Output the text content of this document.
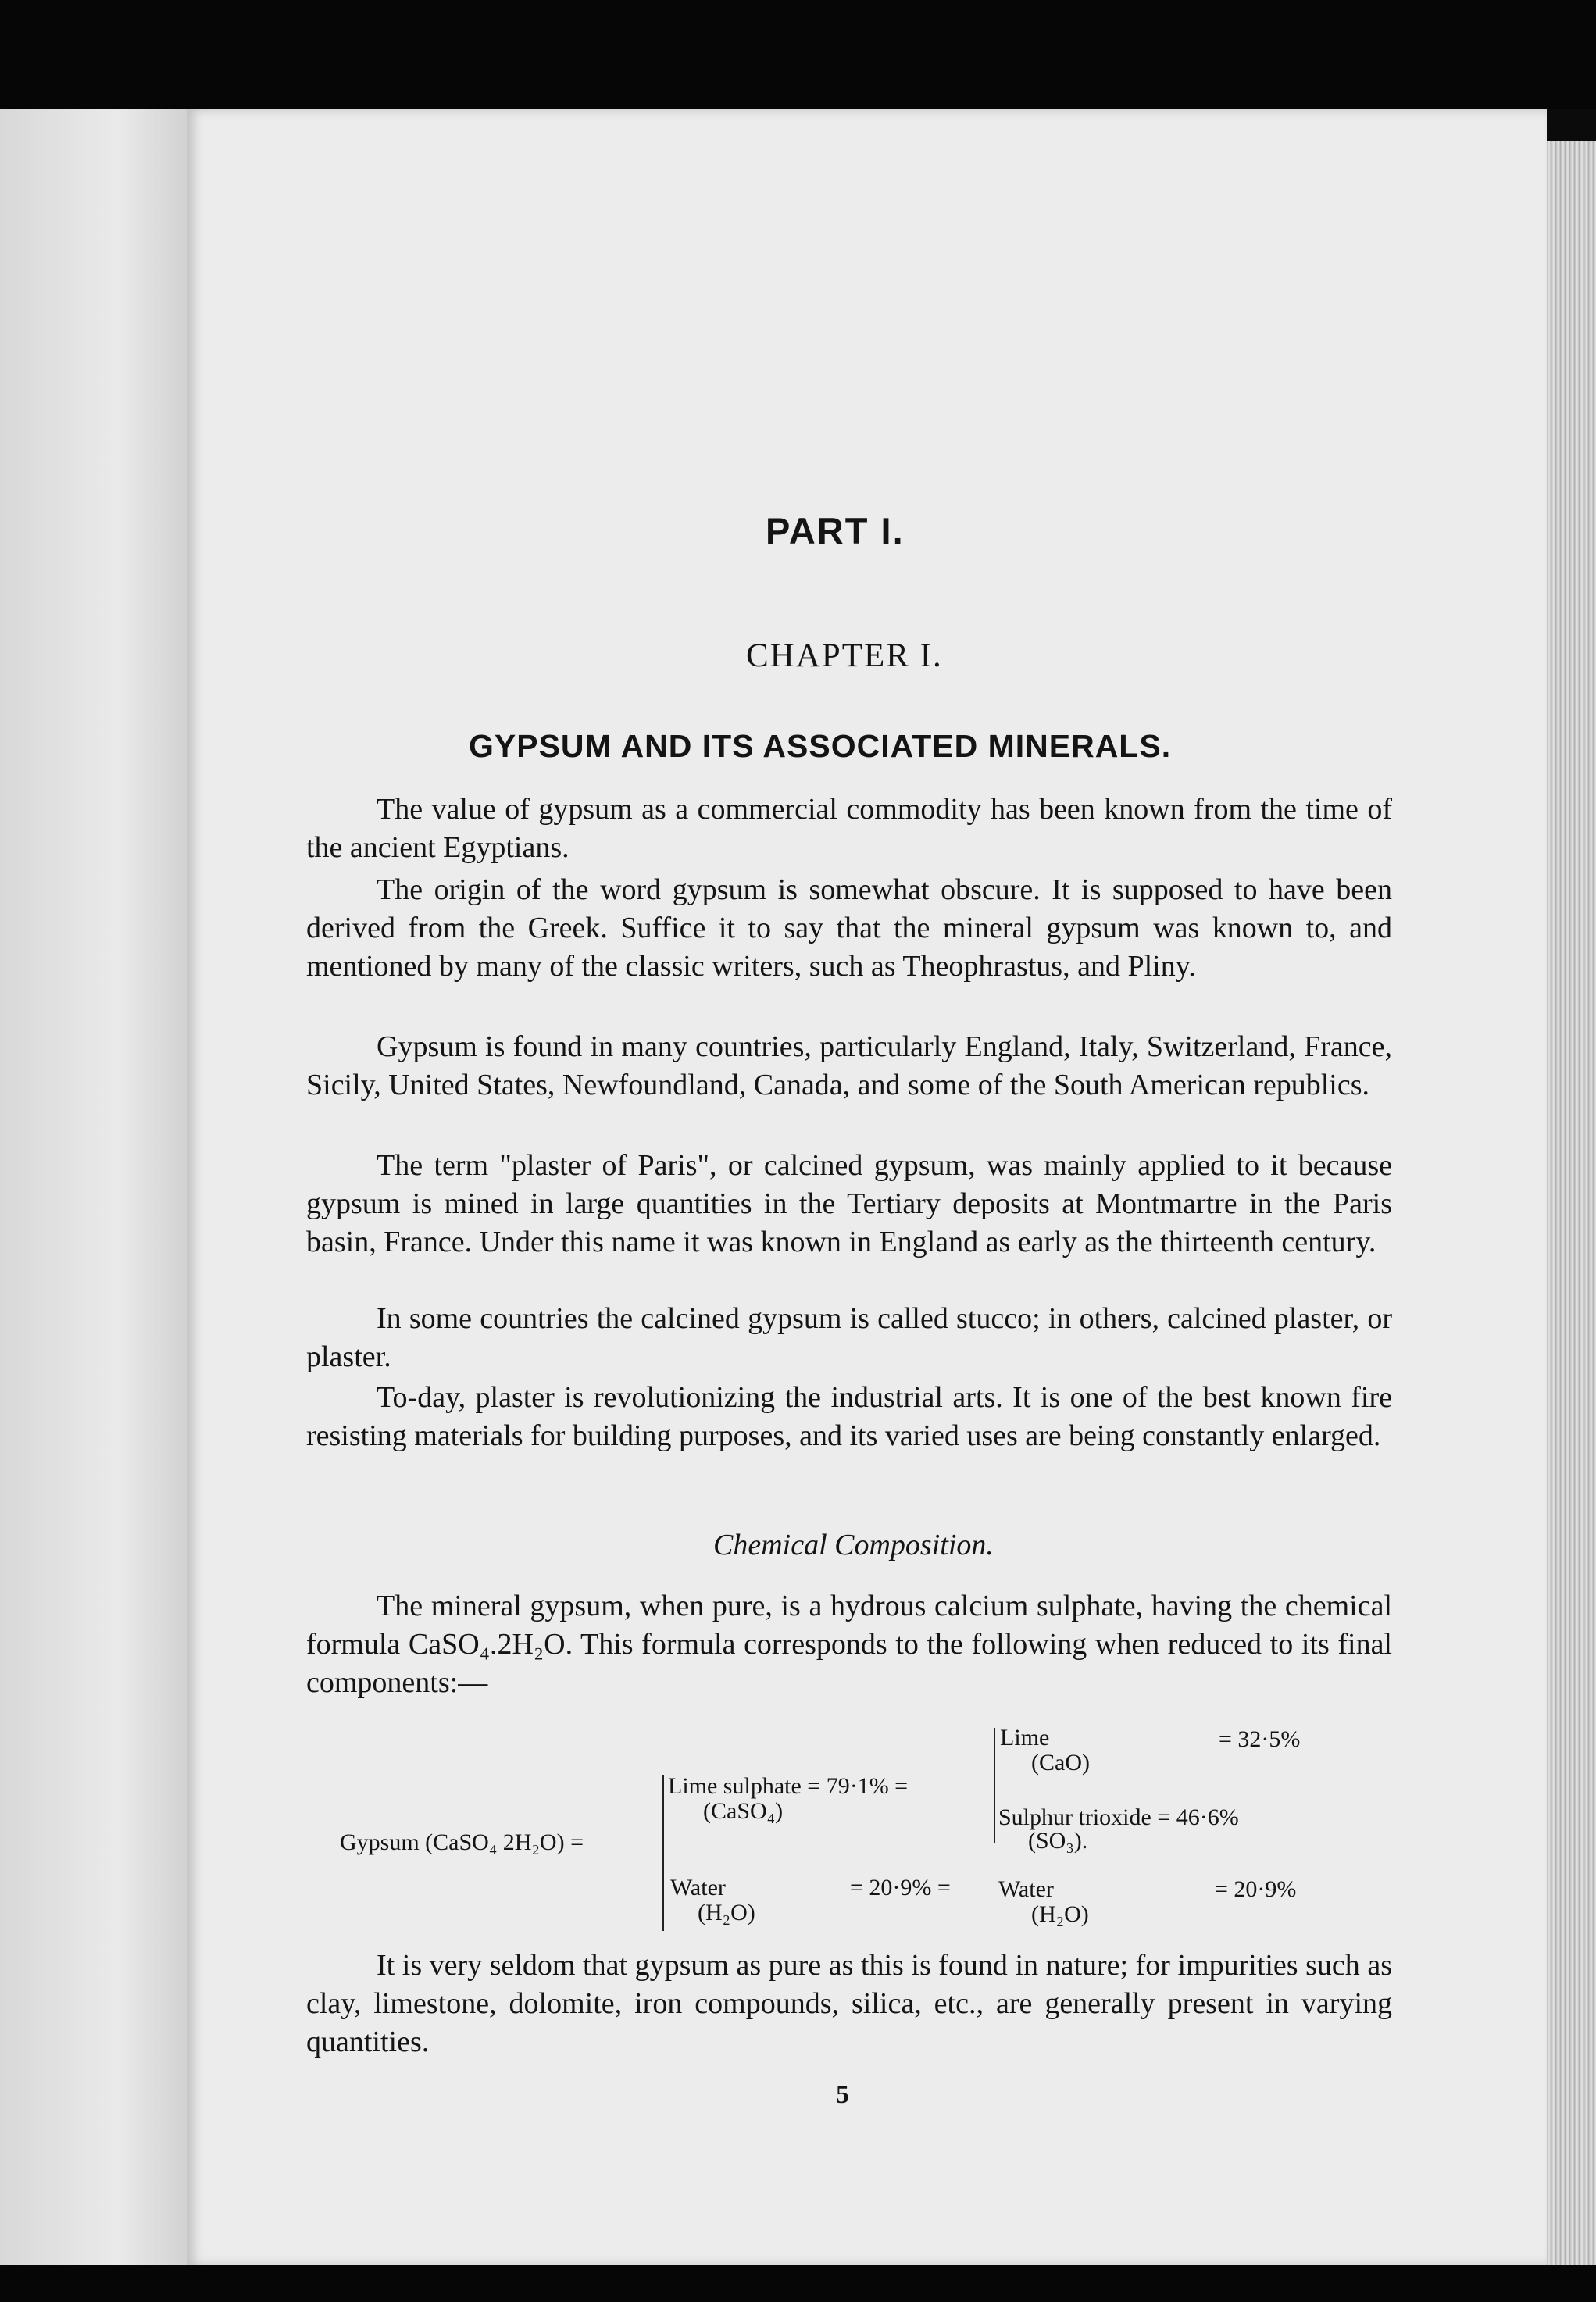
PART I.
CHAPTER I.
GYPSUM AND ITS ASSOCIATED MINERALS.
The value of gypsum as a commercial commodity has been known from the time of the ancient Egyptians.
The origin of the word gypsum is somewhat obscure. It is supposed to have been derived from the Greek. Suffice it to say that the mineral gypsum was known to, and mentioned by many of the classic writers, such as Theophrastus, and Pliny.
Gypsum is found in many countries, particularly England, Italy, Switzerland, France, Sicily, United States, Newfoundland, Canada, and some of the South American republics.
The term "plaster of Paris", or calcined gypsum, was mainly applied to it because gypsum is mined in large quantities in the Tertiary deposits at Montmartre in the Paris basin, France. Under this name it was known in England as early as the thirteenth century.
In some countries the calcined gypsum is called stucco; in others, calcined plaster, or plaster.
To-day, plaster is revolutionizing the industrial arts. It is one of the best known fire resisting materials for building purposes, and its varied uses are being constantly enlarged.
Chemical Composition.
The mineral gypsum, when pure, is a hydrous calcium sulphate, having the chemical formula CaSO₄.2H₂O. This formula corresponds to the following when reduced to its final components:—
Gypsum (CaSO₄ 2H₂O) =
Lime sulphate = 79·1% =
(CaSO₄)
Water	= 20·9% =
(H₂O)
Lime	= 32·5%
(CaO)
Sulphur trioxide = 46·6%
(SO₃).
Water	= 20·9%
(H₂O)
It is very seldom that gypsum as pure as this is found in nature; for impurities such as clay, limestone, dolomite, iron compounds, silica, etc., are generally present in varying quantities.
5
